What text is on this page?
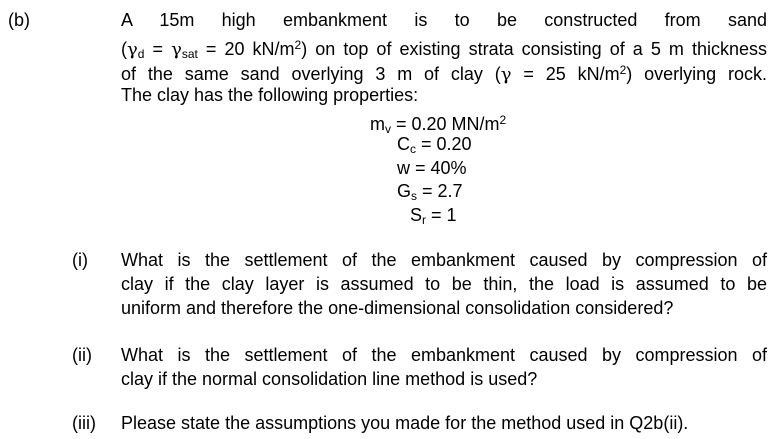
(b)	A 15m high embankment is to be constructed from sand
($\gamma_d = \gamma_{sat} = 20$ $kN/m^2$) on top of existing strata consisting of a 5 m thickness
of the same sand overlying 3 m of clay (γ = 25 $kN/m^2$) overlying rock.
The clay has the following properties:
$m_v = 0.20$ $MN/m^2$
$C_c = 0.20$
w = 40%
$G_s = 2.7$
$S_r = 1$
(i) What is the settlement of the embankment caused by compression of
clay if the clay layer is assumed to be thin, the load is assumed to be
uniform and therefore the one-dimensional consolidation considered?
(ii) What is the settlement of the embankment caused by compression of
clay if the normal consolidation line method is used?
(iii) Please state the assumptions you made for the method used in Q2b(ii).
